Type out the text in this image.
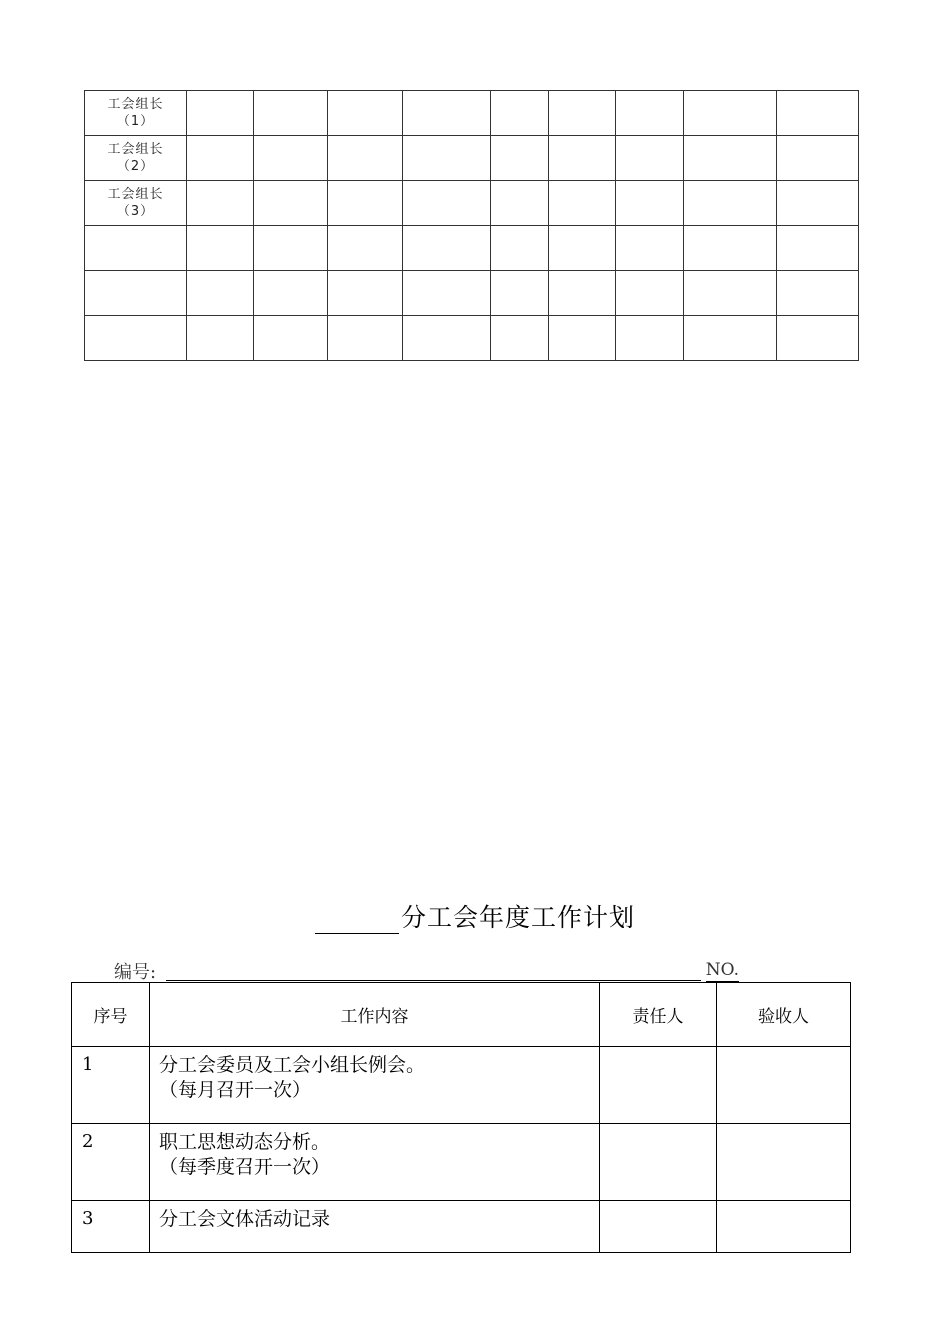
工会组长
（1）									

工会组长
（2）									

工会组长
（3）									

分工会年度工作计划
编号:	NO.
序号	工作内容	责任人	验收人
1	分工会委员及工会小组长例会。
（每月召开一次）		

2	职工思想动态分析。
（每季度召开一次）		

3	分工会文体活动记录		
